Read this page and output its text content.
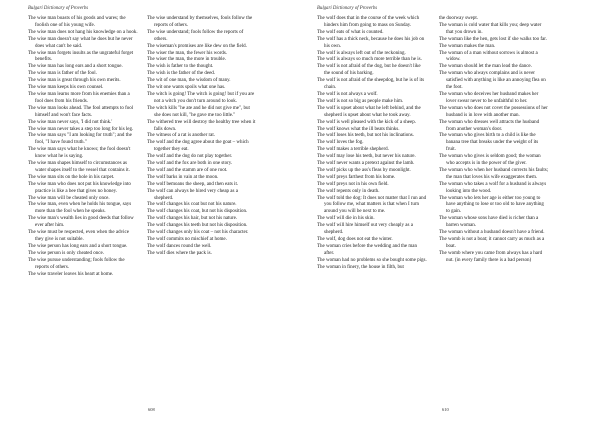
Bulgari Dictionary of Proverbs

The wise man boasts of his goods and wares; the foolish one of his young wife.

The wise man does not hang his knowledge on a hook.

The wise man doesn't say what he does but he never does what can't be said.

The wise man forgets insults as the ungrateful forget benefits.

The wise man has long ears and a short tongue.

The wise man is father of the fool.

The wise man is great through his own merits.

The wise man keeps his own counsel.

The wise man learns more from his enemies than a fool does from his friends.

The wise man looks ahead. The fool attempts to fool himself and won't face facts.

The wise man never says, 'I did not think.'

The wise man never takes a step too long for his leg.

The wise man says "I am looking for truth"; and the fool, "I have found truth."

The wise man says what he knows; the fool doesn't know what he is saying.

The wise man shapes himself to circumstances as water shapes itself to the vessel that contains it.

The wise man sits on the hole in his carpet.

The wise man who does not put his knowledge into practice is like a bee that gives no honey.

The wise man will be cheated only once.

The wise man, even when he holds his tongue, says more than the fool when he speaks.

The wise man's wealth lies in good deeds that follow ever after him.

The wise must be respected, even when the advice they give is not suitable.

The wise person has long ears and a short tongue.

The wise person is only cheated once.

The wise pursue understanding; fools follow the reports of others.

The wise traveler leaves his heart at home.

The wise understand by themselves, fools follow the reports of others.

The wise understand; fools follow the reports of others.

The wiseman's promises are like dew on the field.

The wiser the man, the fewer his words.

The wiser the man, the more in trouble.

The wish is father to the thought.

The wish is the father of the deed.

The wit of one man, the wisdom of many.

The wit one wants spoils what one has.

The witch is going! The witch is going! but if you are not a witch you don't turn around to look.

The witch kills "he ate and he did not give me", but she does not kill, "he gave me too little."

The withered tree will destroy the healthy tree when it falls down.

The witness of a rat is another rat.

The wolf and the dog agree about the goat – which together they eat.

The wolf and the dog do not play together.

The wolf and the fox are both in one story.

The wolf and the stamm are of one root.

The wolf barks in vain at the moon.

The wolf bemoans the sheep, and then eats it.

The wolf can always be hired very cheap as a shepherd.

The wolf changes his coat but not his nature.

The wolf changes his coat, but not his disposition.

The wolf changes his hair, but not his nature.

The wolf changes his teeth but not his disposition.

The wolf changes only his coat – not his character.

The wolf commits no mischief at home.

The wolf dances round the well.

The wolf dies where the pack is.

608
Bulgari Dictionary of Proverbs

The wolf does that in the course of the week which hinders him from going to mass on Sunday.

The wolf eats of what is counted.

The wolf has a thick neck, because he does his job on his own.

The wolf is always left out of the reckoning.

The wolf is always so much more terrible than he is.

The wolf is not afraid of the dog, but he doesn't like the sound of his barking.

The wolf is not afraid of the sheepdog, but he is of its chain.

The wolf is not always a wolf.

The wolf is not so big as people make him.

The wolf is upset about what he left behind, and the shepherd is upset about what he took away.

The wolf is well pleased with the kick of a sheep.

The wolf knows what the ill beats thinks.

The wolf loses his teeth, but not his inclinations.

The wolf loves the fog.

The wolf makes a terrible shepherd.

The wolf may lose his teeth, but never his nature.

The wolf never wants a pretext against the lamb.

The wolf picks up the ass's fleas by moonlight.

The wolf preys farthest from his home.

The wolf preys not in his own field.

The wolf repents only in death.

The wolf told the dog: It does not matter that I run and you follow me, what matters is that when I turn around you will be next to me.

The wolf will die in his skin.

The wolf will hire himself out very cheaply as a shepherd.

The wolf, dog does not eat the winter.

The woman cries before the wedding and the man after.

The woman had no problems so she bought some pigs.

The woman in finery, the house in filth, but

the doorway swept.

The woman is cold water that kills you; deep water that you drown in.

The woman like the hen, gets lost if she walks too far.

The woman makes the man.

The woman of a man without sorrows is almost a widow.

The woman should let the man lead the dance.

The woman who always complains and is never satisfied with anything is like an annoying flea on the foot.

The woman who deceives her husband makes her lover swear never to be unfaithful to her.

The woman who does not covet the possessions of her husband is in love with another man.

The woman who dresses well attracts the husband from another woman's door.

The woman who gives birth to a child is like the banana tree that breaks under the weight of its fruit.

The woman who gives is seldom good; the woman who accepts is in the power of the giver.

The woman who when her husband corrects his faults; the man that loves his wife exaggerates them.

The woman who takes a wolf for a husband is always looking into the wood.

The woman who lets her age is either too young to have anything to lose or too old to have anything to gain.

The woman whose sons have died is richer than a barren woman.

The woman without a husband doesn't have a friend.

The womb is not a boat; it cannot carry as much as a boat.

The womb where you came from always has a hard nut. (in every family there is a bad person)

610
